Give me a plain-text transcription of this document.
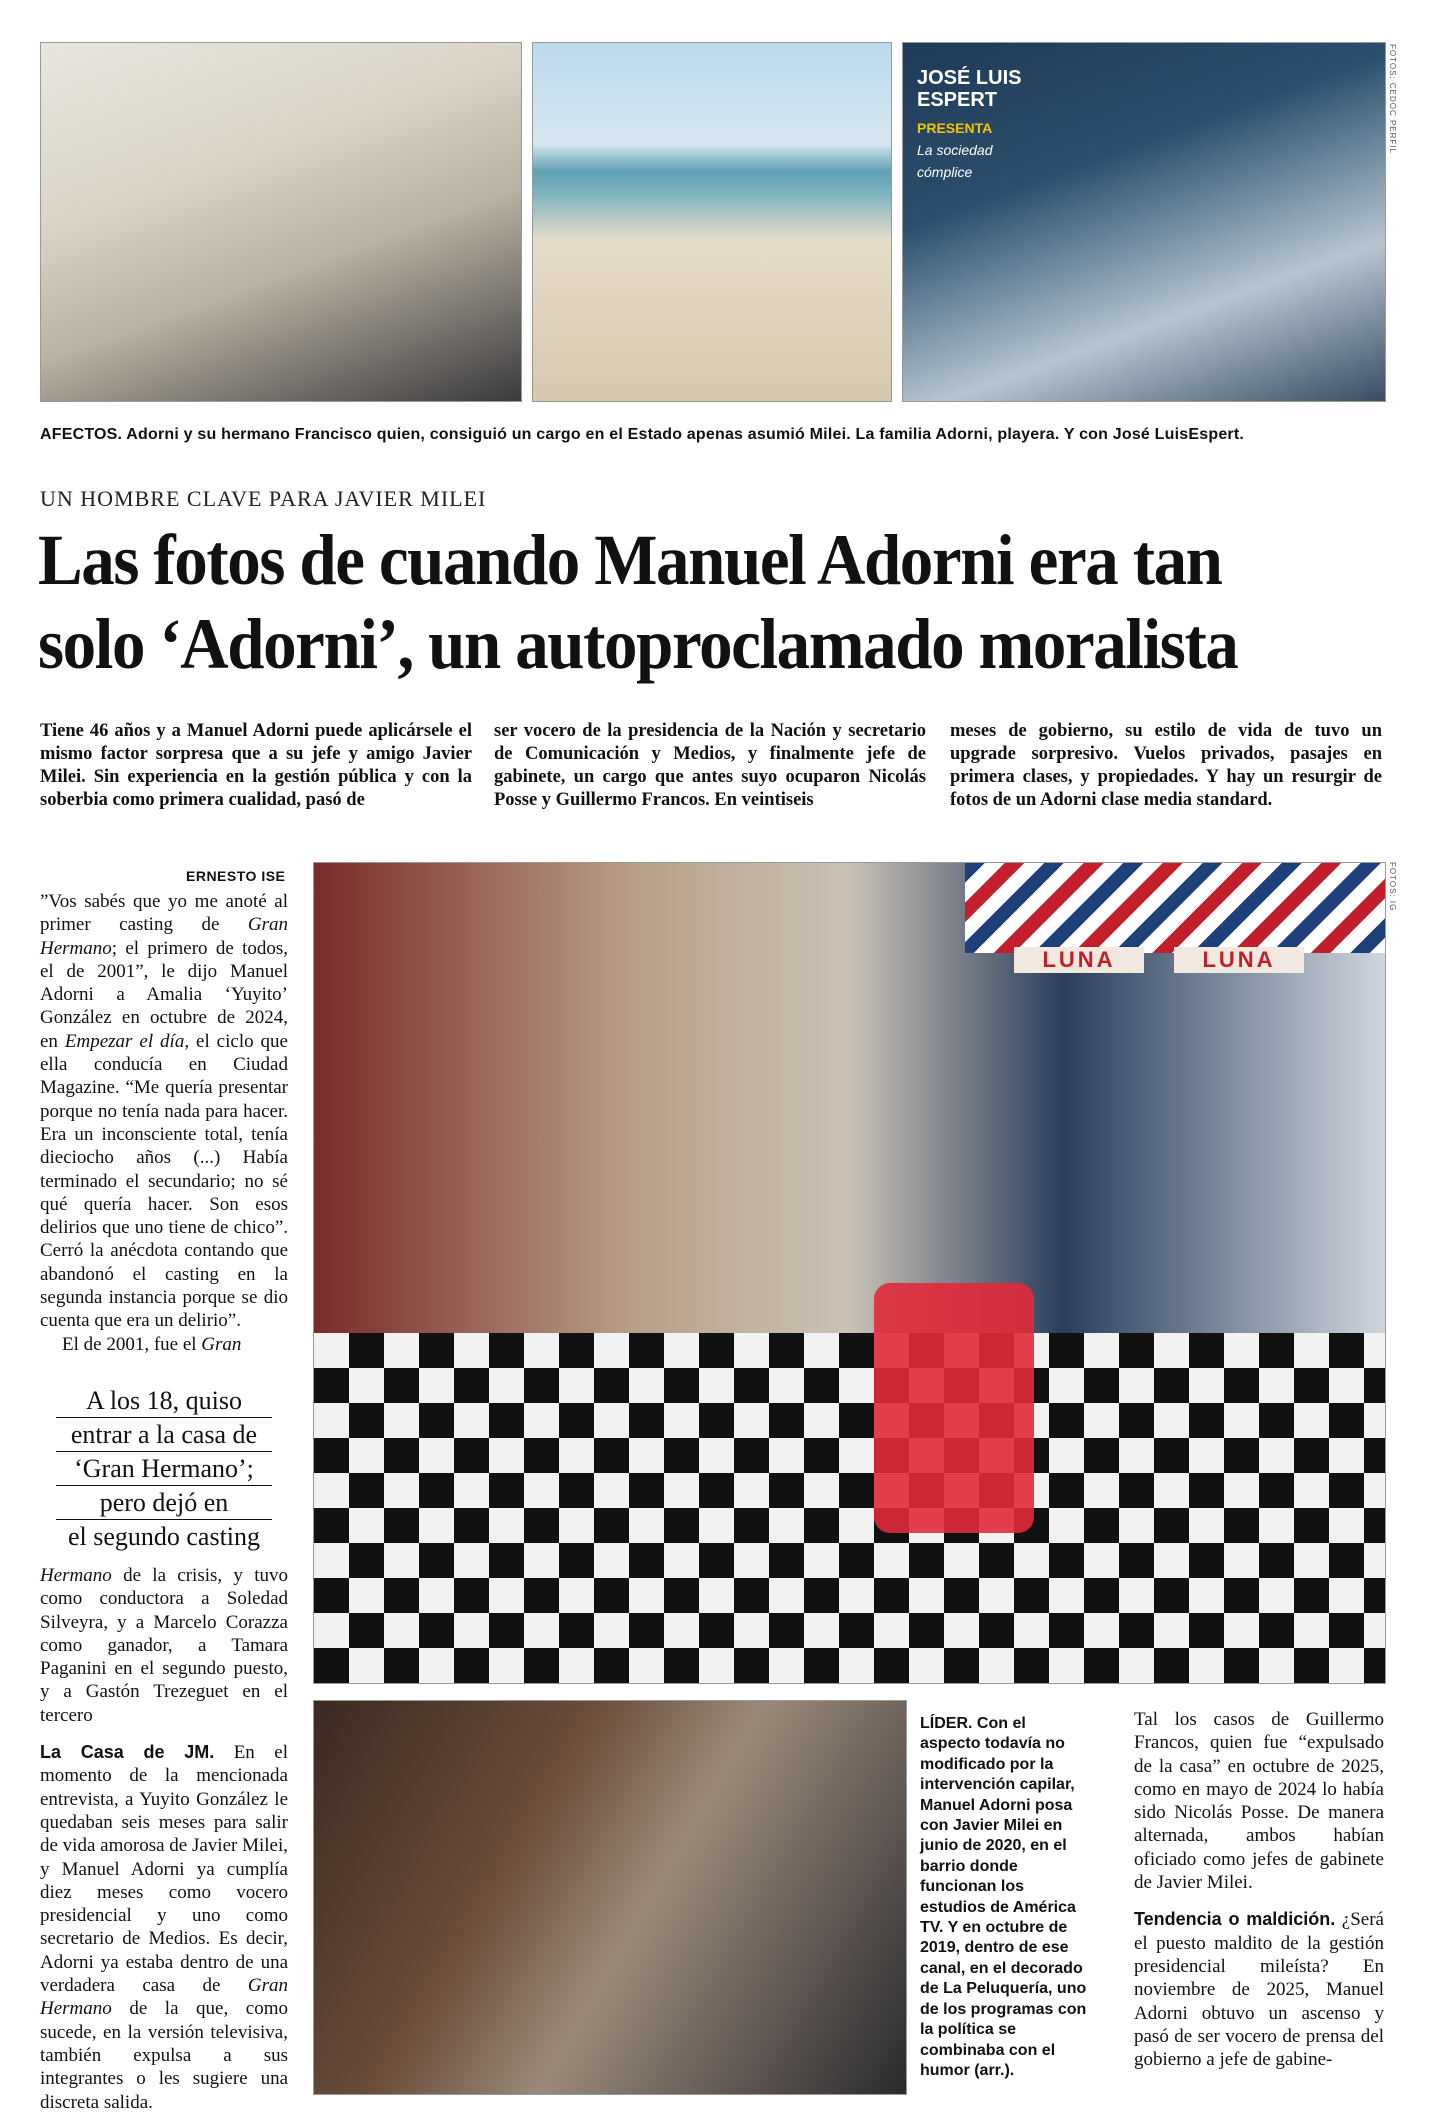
JOSÉ LUIS
ESPERT
PRESENTA
La sociedad
cómplice
FOTOS: CEDOC PERFIL
AFECTOS. Adorni y su hermano Francisco quien, consiguió un cargo en el Estado apenas asumió Milei. La familia Adorni, playera. Y con José LuisEspert.
UN HOMBRE CLAVE PARA JAVIER MILEI
Las fotos de cuando Manuel Adorni era tan
solo ‘Adorni’, un autoproclamado moralista
Tiene 46 años y a Manuel Adorni puede aplicársele el mismo factor sorpresa que a su jefe y amigo Javier Milei. Sin experiencia en la gestión pública y con la soberbia como primera cualidad, pasó de
ser vocero de la presidencia de la Nación y secretario de Comunicación y Medios, y finalmente jefe de gabinete, un cargo que antes suyo ocuparon Nicolás Posse y Guillermo Francos. En veintiseis
meses de gobierno, su estilo de vida de tuvo un upgrade sorpresivo. Vuelos privados, pasajes en primera clases, y propiedades. Y hay un resurgir de fotos de un Adorni clase media standard.
LUNA	LUNA
FOTOS: IG
ERNESTO ISE

”Vos sabés que yo me anoté al primer casting de Gran Hermano; el primero de todos, el de 2001”, le dijo Manuel Adorni a Amalia ‘Yuyito’ González en octubre de 2024, en Empezar el día, el ciclo que ella conducía en Ciudad Magazine. “Me quería presentar porque no tenía nada para hacer. Era un inconsciente total, tenía dieciocho años (...) Había terminado el secundario; no sé qué quería hacer. Son esos delirios que uno tiene de chico”. Cerró la anécdota contando que abandonó el casting en la segunda instancia porque se dio cuenta que era un delirio”.

El de 2001, fue el Gran

A los 18, quiso
entrar a la casa de
‘Gran Hermano’;
pero dejó en
el segundo casting

Hermano de la crisis, y tuvo como conductora a Soledad Silveyra, y a Marcelo Corazza como ganador, a Tamara Paganini en el segundo puesto, y a Gastón Trezeguet en el tercero

La Casa de JM. En el momento de la mencionada entrevista, a Yuyito González le quedaban seis meses para salir de vida amorosa de Javier Milei, y Manuel Adorni ya cumplía diez meses como vocero presidencial y uno como secretario de Medios. Es decir, Adorni ya estaba dentro de una verdadera casa de Gran Hermano de la que, como sucede, en la versión televisiva, también expulsa a sus integrantes o les sugiere una discreta salida.

LÍDER. Con el aspecto todavía no modificado por la intervención capilar, Manuel Adorni posa con Javier Milei en junio de 2020, en el barrio donde funcionan los estudios de América TV. Y en octubre de 2019, dentro de ese canal, en el decorado de La Peluquería, uno de los programas con la política se combinaba con el humor (arr.).

Tal los casos de Guillermo Francos, quien fue “expulsado de la casa” en octubre de 2025, como en mayo de 2024 lo había sido Nicolás Posse. De manera alternada, ambos habían oficiado como jefes de gabinete de Javier Milei.

Tendencia o maldición. ¿Será el puesto maldito de la gestión presidencial mileísta? En noviembre de 2025, Manuel Adorni obtuvo un ascenso y pasó de ser vocero de prensa del gobierno a jefe de gabine-
